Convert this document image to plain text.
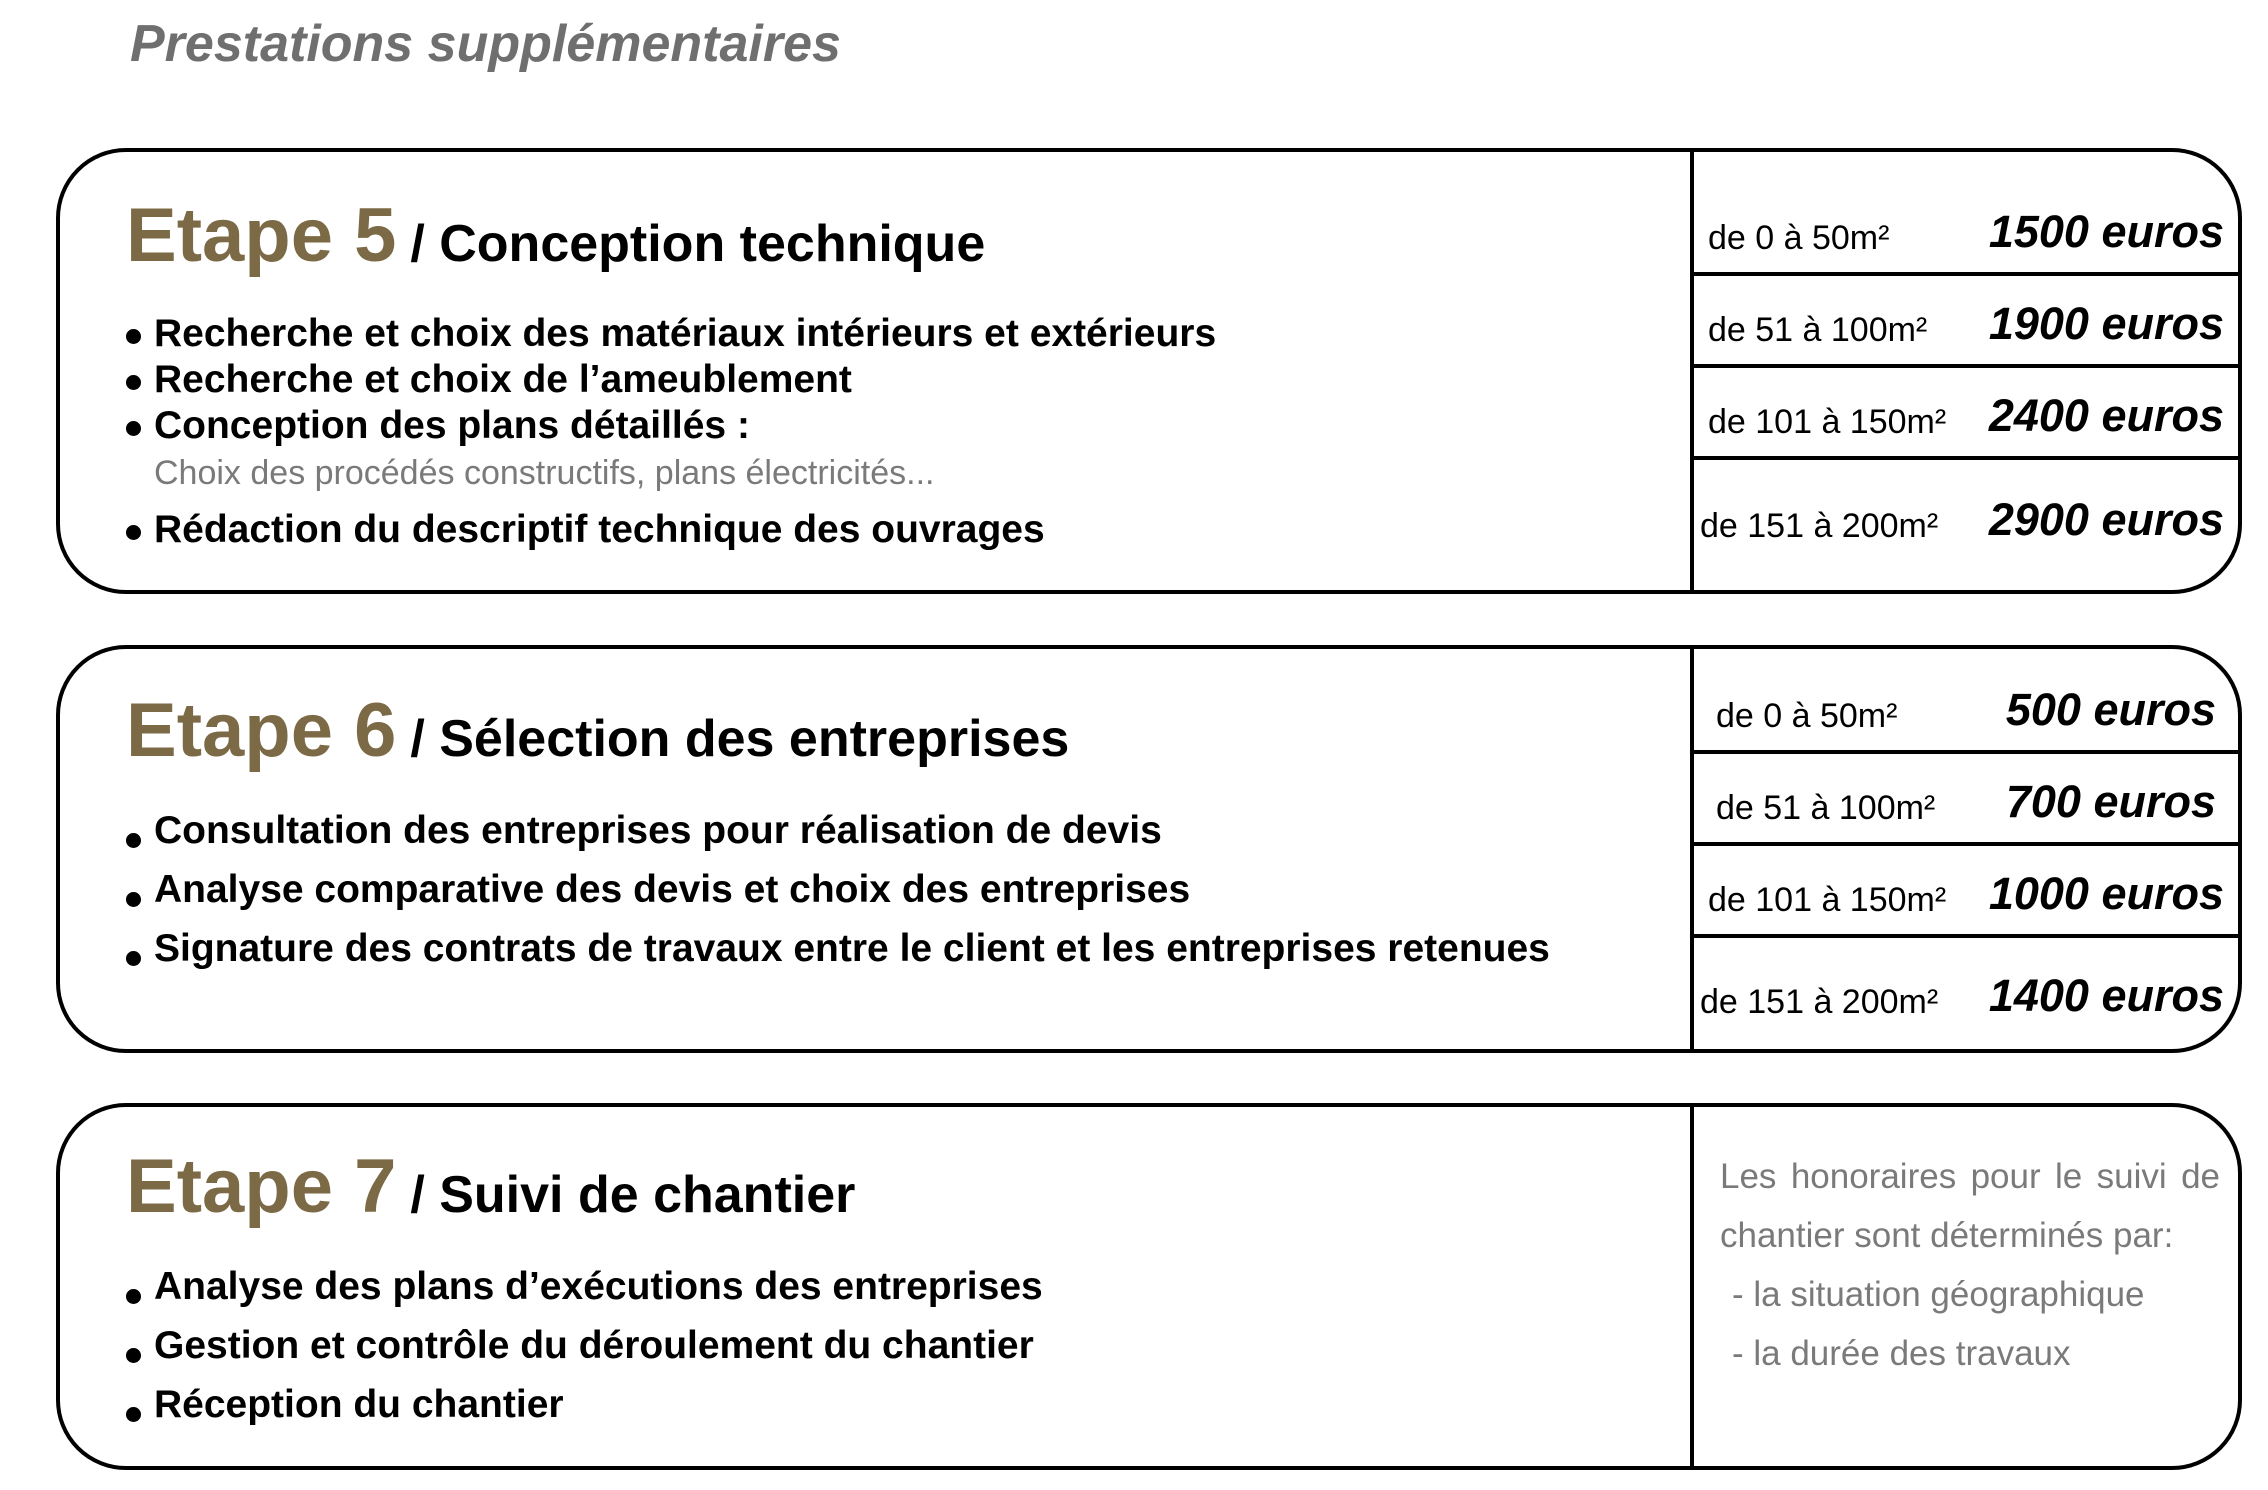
Prestations supplémentaires
Etape 5 / Conception technique
Recherche et choix des matériaux intérieurs et extérieurs
Recherche et choix de l’ameublement
Conception des plans détaillés :
Choix des procédés constructifs, plans électricités...
Rédaction du descriptif technique des ouvrages
de 0 à 50m² 1500 euros
de 51 à 100m² 1900 euros
de 101 à 150m² 2400 euros
de 151 à 200m² 2900 euros
Etape 6 / Sélection des entreprises
Consultation des entreprises pour réalisation de devis
Analyse comparative des devis et choix des entreprises
Signature des contrats de travaux entre le client et les entreprises retenues
de 0 à 50m² 500 euros
de 51 à 100m² 700 euros
de 101 à 150m² 1000 euros
de 151 à 200m² 1400 euros
Etape 7 / Suivi de chantier
Analyse des plans d’exécutions des entreprises
Gestion et contrôle du déroulement du chantier
Réception du chantier
Les honoraires pour le suivi de chantier sont déterminés par:
- la situation géographique
- la durée des travaux
